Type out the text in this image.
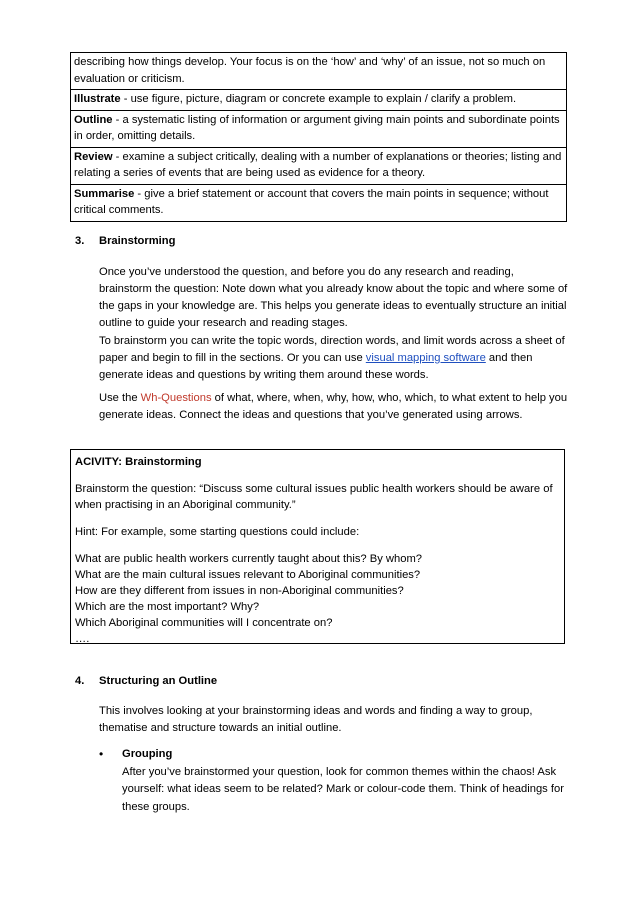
describing how things develop. Your focus is on the ‘how’ and ‘why’ of an issue, not so much on evaluation or criticism.
Illustrate - use figure, picture, diagram or concrete example to explain / clarify a problem.
Outline - a systematic listing of information or argument giving main points and subordinate points in order, omitting details.
Review - examine a subject critically, dealing with a number of explanations or theories; listing and relating a series of events that are being used as evidence for a theory.
Summarise - give a brief statement or account that covers the main points in sequence; without critical comments.
3. Brainstorming
Once you’ve understood the question, and before you do any research and reading, brainstorm the question: Note down what you already know about the topic and where some of the gaps in your knowledge are. This helps you generate ideas to eventually structure an initial outline to guide your research and reading stages.
To brainstorm you can write the topic words, direction words, and limit words across a sheet of paper and begin to fill in the sections. Or you can use visual mapping software and then generate ideas and questions by writing them around these words.
Use the Wh-Questions of what, where, when, why, how, who, which, to what extent to help you generate ideas. Connect the ideas and questions that you’ve generated using arrows.
ACIVITY: Brainstorming
Brainstorm the question: “Discuss some cultural issues public health workers should be aware of when practising in an Aboriginal community.”
Hint: For example, some starting questions could include:
What are public health workers currently taught about this? By whom?
What are the main cultural issues relevant to Aboriginal communities?
How are they different from issues in non-Aboriginal communities?
Which are the most important? Why?
Which Aboriginal communities will I concentrate on?
….
4. Structuring an Outline
This involves looking at your brainstorming ideas and words and finding a way to group, thematise and structure towards an initial outline.
•	Grouping
After you’ve brainstormed your question, look for common themes within the chaos! Ask yourself: what ideas seem to be related? Mark or colour-code them. Think of headings for these groups.
